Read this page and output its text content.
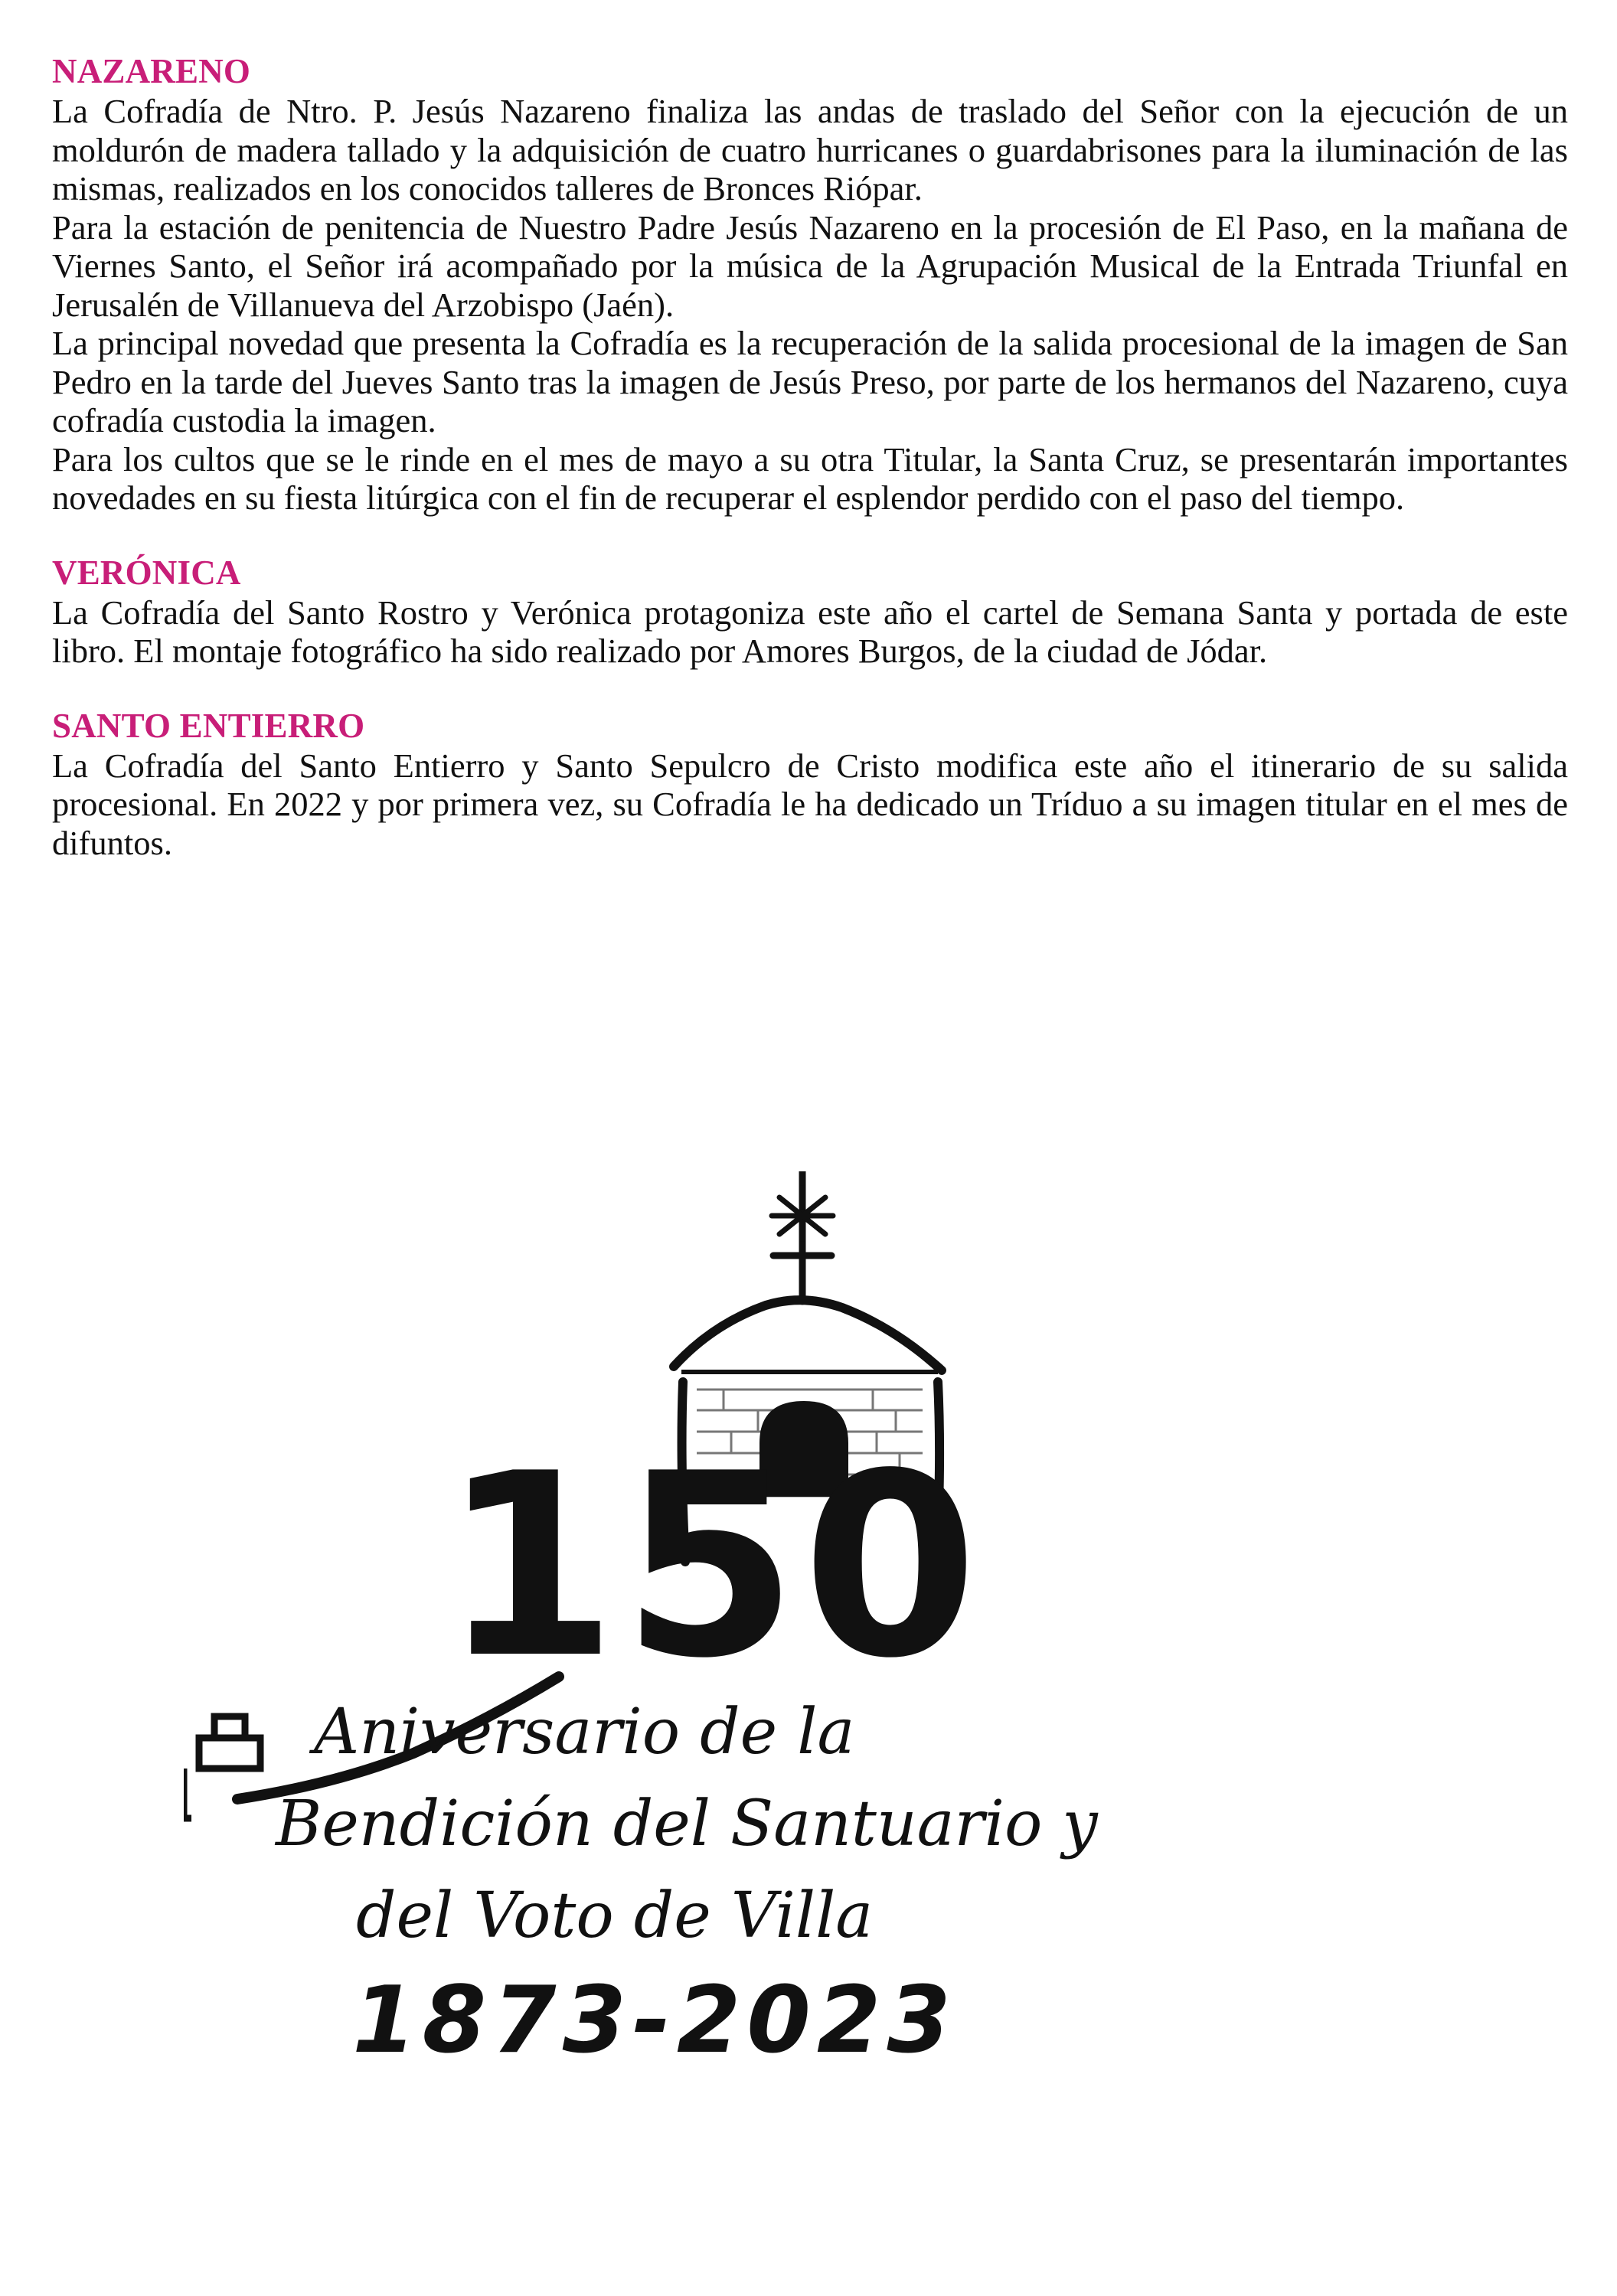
NAZARENO

La Cofradía de Ntro. P. Jesús Nazareno finaliza las andas de traslado del Señor con la ejecución de un moldurón de madera tallado y la adquisición de cuatro hurricanes o guardabrisones para la iluminación de las mismas, realizados en los conocidos talleres de Bronces Riópar.

Para la estación de penitencia de Nuestro Padre Jesús Nazareno en la procesión de El Paso, en la mañana de Viernes Santo, el Señor irá acompañado por la música de la Agrupación Musical de la Entrada Triunfal en Jerusalén de Villanueva del Arzobispo (Jaén).

La principal novedad que presenta la Cofradía es la recuperación de la salida procesional de la imagen de San Pedro en la tarde del Jueves Santo tras la imagen de Jesús Preso, por parte de los hermanos del Nazareno, cuya cofradía custodia la imagen.

Para los cultos que se le rinde en el mes de mayo a su otra Titular, la Santa Cruz, se presentarán importantes novedades en su fiesta litúrgica con el fin de recuperar el esplendor perdido con el paso del tiempo.

VERÓNICA

La Cofradía del Santo Rostro y Verónica protagoniza este año el cartel de Semana Santa y portada de este libro. El montaje fotográfico ha sido realizado por Amores Burgos, de la ciudad de Jódar.

SANTO ENTIERRO

La Cofradía del Santo Entierro y Santo Sepulcro de Cristo modifica este año el itinerario de su salida procesional. En 2022 y por primera vez, su Cofradía le ha dedicado un Tríduo a su imagen titular en el mes de difuntos.

150
Aniversario de la
Bendición del Santuario y
del Voto de Villa
1873-2023
